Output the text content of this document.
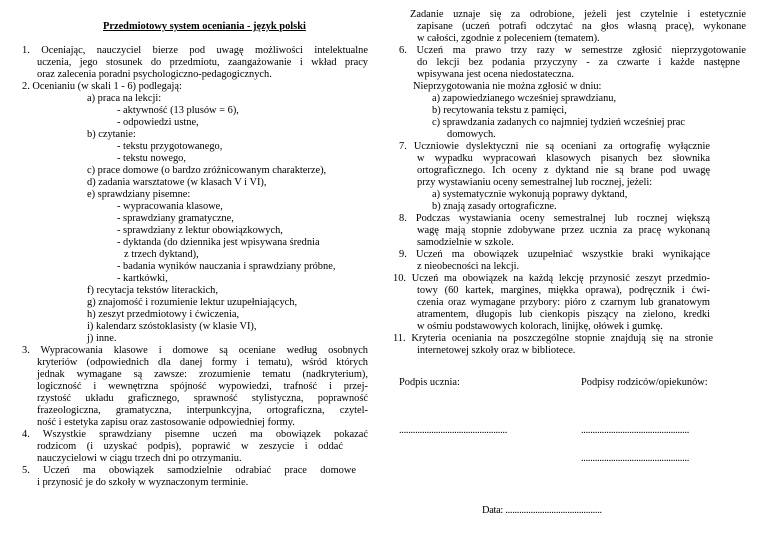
Przedmiotowy system oceniania - język polski
1. Oceniając, nauczyciel bierze pod uwagę możliwości intelektualne
uczenia, jego stosunek do przedmiotu, zaangażowanie i wkład pracy
oraz zalecenia poradni psychologiczno-pedagogicznych.
2. Ocenianiu (w skali 1 - 6) podlegają:
a) praca na lekcji:
- aktywność (13 plusów = 6),
- odpowiedzi ustne,
b) czytanie:
- tekstu przygotowanego,
- tekstu nowego,
c) prace domowe (o bardzo zróżnicowanym charakterze),
d) zadania warsztatowe (w klasach V i VI),
e) sprawdziany pisemne:
- wypracowania klasowe,
- sprawdziany gramatyczne,
- sprawdziany z lektur obowiązkowych,
- dyktanda (do dziennika jest wpisywana średnia
z trzech dyktand),
- badania wyników nauczania i sprawdziany próbne,
- kartkówki,
f) recytacja tekstów literackich,
g) znajomość i rozumienie lektur uzupełniających,
h) zeszyt przedmiotowy i ćwiczenia,
i) kalendarz szóstoklasisty (w klasie VI),
j) inne.
3. Wypracowania klasowe i domowe są oceniane według osobnych
kryteriów (odpowiednich dla danej formy i tematu), wśród których
jednak wymagane są zawsze: zrozumienie tematu (nadkryterium),
logiczność i wewnętrzna spójność wypowiedzi, trafność i przej-
rzystość układu graficznego, sprawność stylistyczna, poprawność
frazeologiczna, gramatyczna, interpunkcyjna, ortograficzna, czytel-
ność i estetyka zapisu oraz zastosowanie odpowiedniej formy.
4. Wszystkie sprawdziany pisemne uczeń ma obowiązek pokazać
rodzicom (i uzyskać podpis), poprawić w zeszycie i oddać
nauczycielowi w ciągu trzech dni po otrzymaniu.
5. Uczeń ma obowiązek samodzielnie odrabiać prace domowe
i przynosić je do szkoły w wyznaczonym terminie.
Zadanie uznaje się za odrobione, jeżeli jest czytelnie i estetycznie
zapisane (uczeń potrafi odczytać na głos własną pracę), wykonane
w całości, zgodnie z poleceniem (tematem).
6. Uczeń ma prawo trzy razy w semestrze zgłosić nieprzygotowanie
do lekcji bez podania przyczyny - za czwarte i każde następne
wpisywana jest ocena niedostateczna.
Nieprzygotowania nie można zgłosić w dniu:
a) zapowiedzianego wcześniej sprawdzianu,
b) recytowania tekstu z pamięci,
c) sprawdzania zadanych co najmniej tydzień wcześniej prac
domowych.
7. Uczniowie dyslektyczni nie są oceniani za ortografię wyłącznie
w wypadku wypracowań klasowych pisanych bez słownika
ortograficznego. Ich oceny z dyktand nie są brane pod uwagę
przy wystawianiu oceny semestralnej lub rocznej, jeżeli:
a) systematycznie wykonują poprawy dyktand,
b) znają zasady ortograficzne.
8. Podczas wystawiania oceny semestralnej lub rocznej większą
wagę mają stopnie zdobywane przez ucznia za pracę wykonaną
samodzielnie w szkole.
9. Uczeń ma obowiązek uzupełniać wszystkie braki wynikające
z nieobecności na lekcji.
10. Uczeń ma obowiązek na każdą lekcję przynosić zeszyt przedmio-
towy (60 kartek, margines, miękka oprawa), podręcznik i ćwi-
czenia oraz wymagane przybory: pióro z czarnym lub granatowym
atramentem, długopis lub cienkopis piszący na zielono, kredki
w ośmiu podstawowych kolorach, linijkę, ołówek i gumkę.
11. Kryteria oceniania na poszczególne stopnie znajdują się na stronie
internetowej szkoły oraz w bibliotece.
Podpis ucznia:	Podpisy rodziców/opiekunów:
...............................................	...............................................
...............................................
Data: ..........................................
